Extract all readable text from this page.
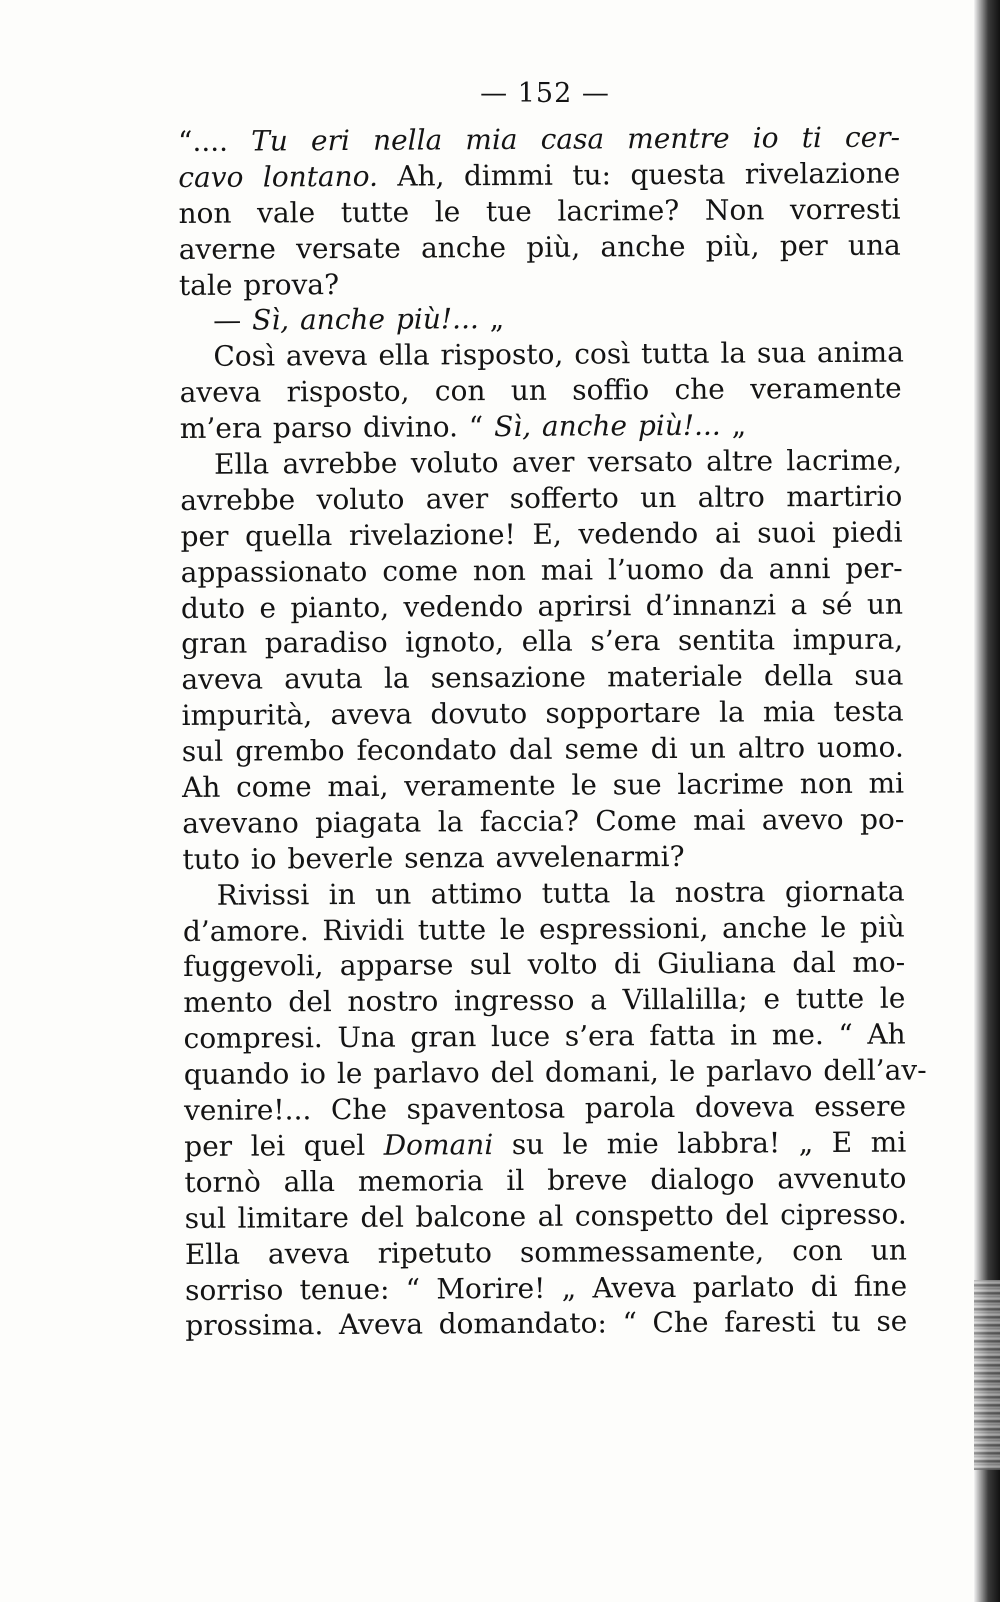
— 152 —
“.... Tu eri nella mia casa mentre io ti cer-
cavo lontano. Ah, dimmi tu: questa rivelazione
non vale tutte le tue lacrime? Non vorresti
averne versate anche più, anche più, per una
tale prova?
— Sì, anche più!... „
Così aveva ella risposto, così tutta la sua anima
aveva risposto, con un soffio che veramente
m’era parso divino. “ Sì, anche più!... „
Ella avrebbe voluto aver versato altre lacrime,
avrebbe voluto aver sofferto un altro martirio
per quella rivelazione! E, vedendo ai suoi piedi
appassionato come non mai l’uomo da anni per-
duto e pianto, vedendo aprirsi d’innanzi a sé un
gran paradiso ignoto, ella s’era sentita impura,
aveva avuta la sensazione materiale della sua
impurità, aveva dovuto sopportare la mia testa
sul grembo fecondato dal seme di un altro uomo.
Ah come mai, veramente le sue lacrime non mi
avevano piagata la faccia? Come mai avevo po-
tuto io beverle senza avvelenarmi?
Rivissi in un attimo tutta la nostra giornata
d’amore. Rividi tutte le espressioni, anche le più
fuggevoli, apparse sul volto di Giuliana dal mo-
mento del nostro ingresso a Villalilla; e tutte le
compresi. Una gran luce s’era fatta in me. “ Ah
quando io le parlavo del domani, le parlavo dell’av-
venire!... Che spaventosa parola doveva essere
per lei quel Domani su le mie labbra! „ E mi
tornò alla memoria il breve dialogo avvenuto
sul limitare del balcone al conspetto del cipresso.
Ella aveva ripetuto sommessamente, con un
sorriso tenue: “ Morire! „ Aveva parlato di fine
prossima. Aveva domandato: “ Che faresti tu se
